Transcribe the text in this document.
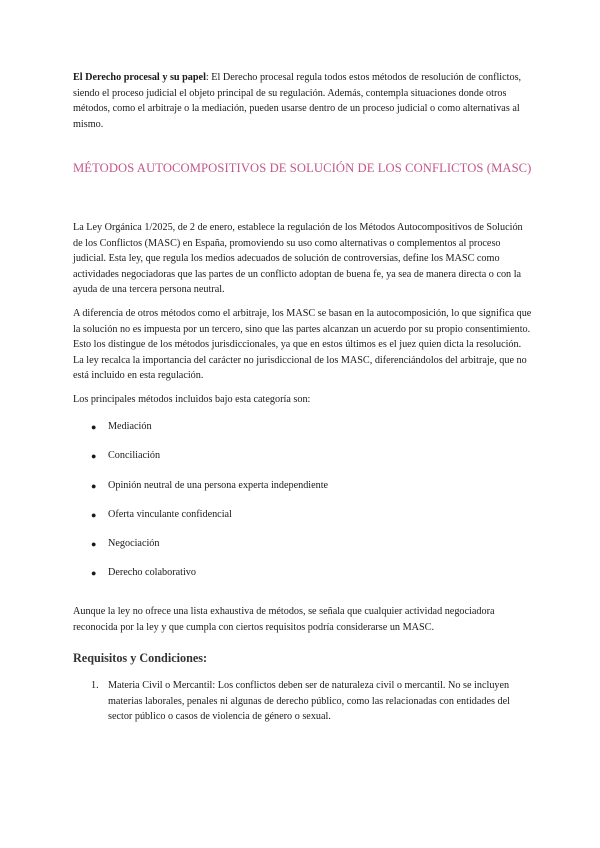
El Derecho procesal y su papel: El Derecho procesal regula todos estos métodos de resolución de conflictos, siendo el proceso judicial el objeto principal de su regulación. Además, contempla situaciones donde otros métodos, como el arbitraje o la mediación, pueden usarse dentro de un proceso judicial o como alternativas al mismo.

MÉTODOS AUTOCOMPOSITIVOS DE SOLUCIÓN DE LOS CONFLICTOS (MASC)

La Ley Orgánica 1/2025, de 2 de enero, establece la regulación de los Métodos Autocompositivos de Solución de los Conflictos (MASC) en España, promoviendo su uso como alternativas o complementos al proceso judicial. Esta ley, que regula los medios adecuados de solución de controversias, define los MASC como actividades negociadoras que las partes de un conflicto adoptan de buena fe, ya sea de manera directa o con la ayuda de una tercera persona neutral.

A diferencia de otros métodos como el arbitraje, los MASC se basan en la autocomposición, lo que significa que la solución no es impuesta por un tercero, sino que las partes alcanzan un acuerdo por su propio consentimiento. Esto los distingue de los métodos jurisdiccionales, ya que en estos últimos es el juez quien dicta la resolución. La ley recalca la importancia del carácter no jurisdiccional de los MASC, diferenciándolos del arbitraje, que no está incluido en esta regulación.

Los principales métodos incluidos bajo esta categoría son:

●	Mediación
●	Conciliación
●	Opinión neutral de una persona experta independiente
●	Oferta vinculante confidencial
●	Negociación
●	Derecho colaborativo

Aunque la ley no ofrece una lista exhaustiva de métodos, se señala que cualquier actividad negociadora reconocida por la ley y que cumpla con ciertos requisitos podría considerarse un MASC.

Requisitos y Condiciones:
1. Materia Civil o Mercantil: Los conflictos deben ser de naturaleza civil o mercantil. No se incluyen materias laborales, penales ni algunas de derecho público, como las relacionadas con entidades del sector público o casos de violencia de género o sexual.
